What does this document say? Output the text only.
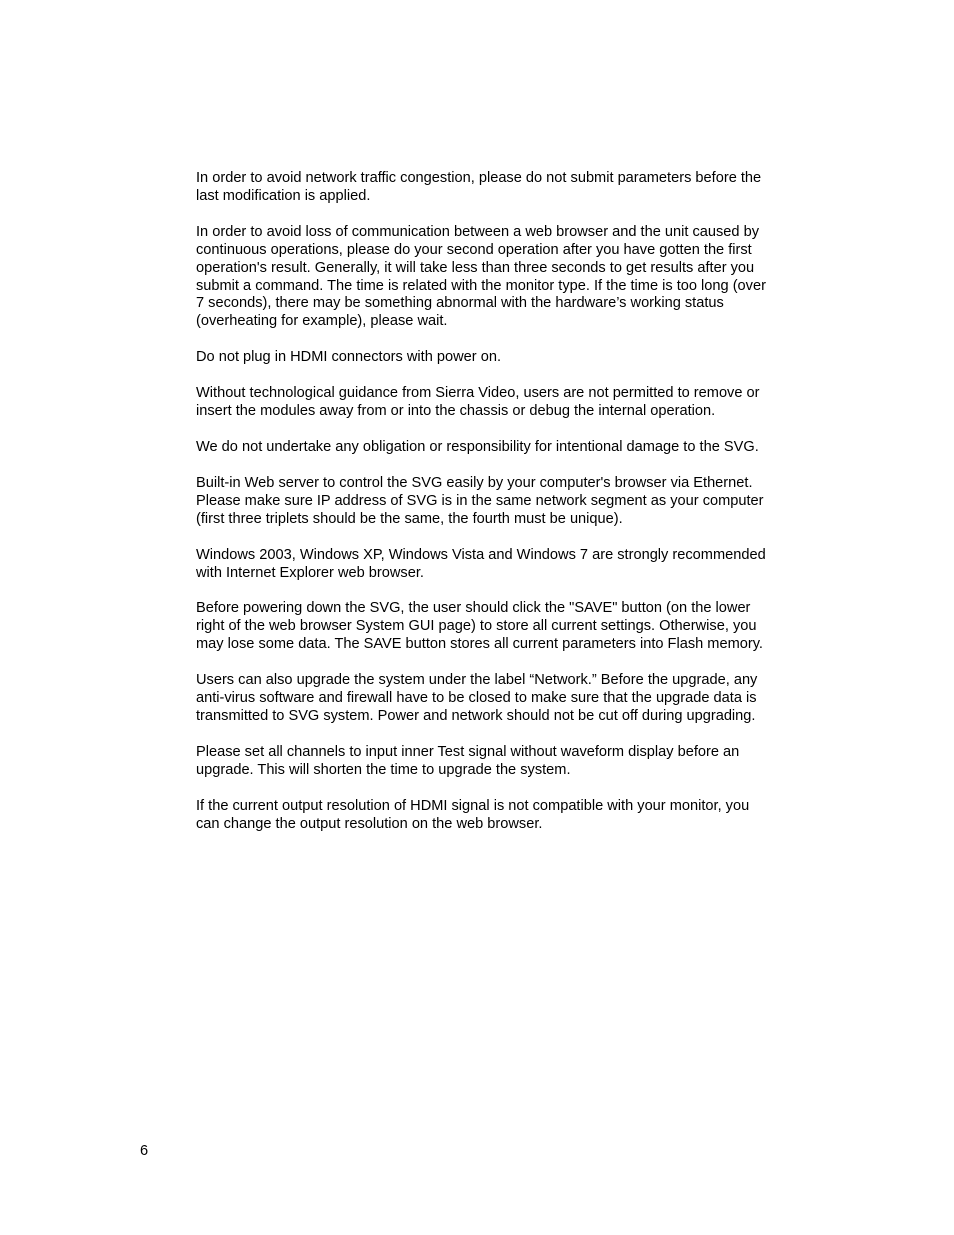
In order to avoid network traffic congestion, please do not submit parameters before the
last modification is applied.

In order to avoid loss of communication between a web browser and the unit caused by
continuous operations, please do your second operation after you have gotten the first
operation's result. Generally, it will take less than three seconds to get results after you
submit a command. The time is related with the monitor type. If the time is too long (over
7 seconds), there may be something abnormal with the hardware’s working status
(overheating for example), please wait.

Do not plug in HDMI connectors with power on.

Without technological guidance from Sierra Video, users are not permitted to remove or
insert the modules away from or into the chassis or debug the internal operation.

We do not undertake any obligation or responsibility for intentional damage to the SVG.

Built-in Web server to control the SVG easily by your computer's browser via Ethernet.
Please make sure IP address of SVG is in the same network segment as your computer
(first three triplets should be the same, the fourth must be unique).

Windows 2003, Windows XP, Windows Vista and Windows 7 are strongly recommended
with Internet Explorer web browser.

Before powering down the SVG, the user should click the "SAVE" button (on the lower
right of the web browser System GUI page) to store all current settings. Otherwise, you
may lose some data. The SAVE button stores all current parameters into Flash memory.

Users can also upgrade the system under the label “Network.” Before the upgrade, any
anti-virus software and firewall have to be closed to make sure that the upgrade data is
transmitted to SVG system. Power and network should not be cut off during upgrading.

Please set all channels to input inner Test signal without waveform display before an
upgrade. This will shorten the time to upgrade the system.

If the current output resolution of HDMI signal is not compatible with your monitor, you
can change the output resolution on the web browser.

6
